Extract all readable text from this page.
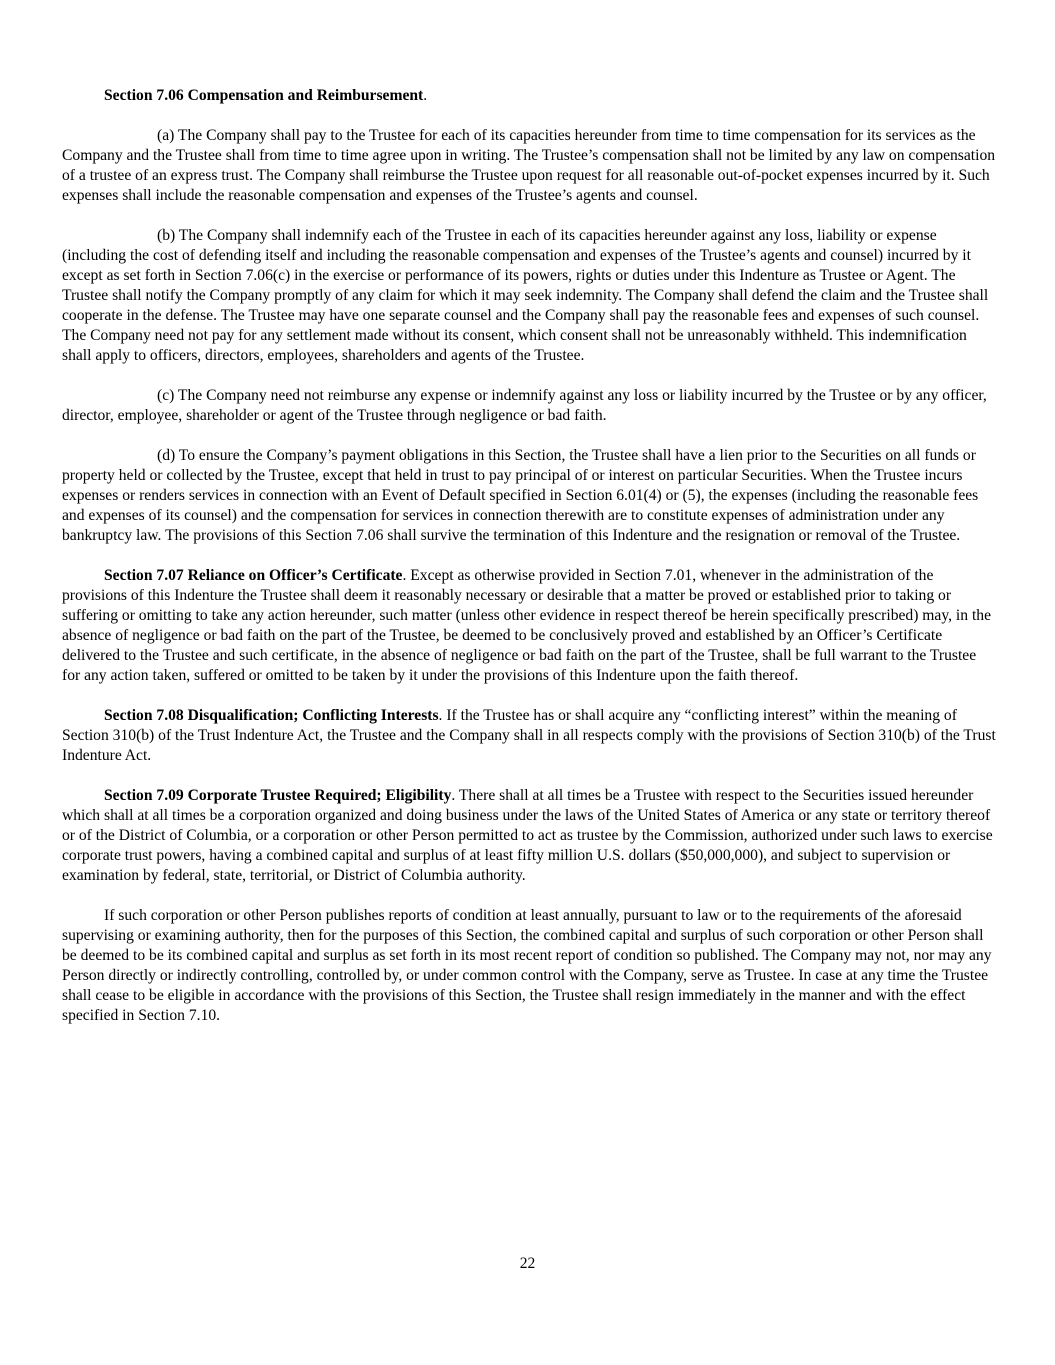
Section 7.06 Compensation and Reimbursement.

(a) The Company shall pay to the Trustee for each of its capacities hereunder from time to time compensation for its services as the Company and the Trustee shall from time to time agree upon in writing. The Trustee’s compensation shall not be limited by any law on compensation of a trustee of an express trust. The Company shall reimburse the Trustee upon request for all reasonable out-of-pocket expenses incurred by it. Such expenses shall include the reasonable compensation and expenses of the Trustee’s agents and counsel.

(b) The Company shall indemnify each of the Trustee in each of its capacities hereunder against any loss, liability or expense (including the cost of defending itself and including the reasonable compensation and expenses of the Trustee’s agents and counsel) incurred by it except as set forth in Section 7.06(c) in the exercise or performance of its powers, rights or duties under this Indenture as Trustee or Agent. The Trustee shall notify the Company promptly of any claim for which it may seek indemnity. The Company shall defend the claim and the Trustee shall cooperate in the defense. The Trustee may have one separate counsel and the Company shall pay the reasonable fees and expenses of such counsel. The Company need not pay for any settlement made without its consent, which consent shall not be unreasonably withheld. This indemnification shall apply to officers, directors, employees, shareholders and agents of the Trustee.

(c) The Company need not reimburse any expense or indemnify against any loss or liability incurred by the Trustee or by any officer, director, employee, shareholder or agent of the Trustee through negligence or bad faith.

(d) To ensure the Company’s payment obligations in this Section, the Trustee shall have a lien prior to the Securities on all funds or property held or collected by the Trustee, except that held in trust to pay principal of or interest on particular Securities. When the Trustee incurs expenses or renders services in connection with an Event of Default specified in Section 6.01(4) or (5), the expenses (including the reasonable fees and expenses of its counsel) and the compensation for services in connection therewith are to constitute expenses of administration under any bankruptcy law. The provisions of this Section 7.06 shall survive the termination of this Indenture and the resignation or removal of the Trustee.

Section 7.07 Reliance on Officer’s Certificate. Except as otherwise provided in Section 7.01, whenever in the administration of the provisions of this Indenture the Trustee shall deem it reasonably necessary or desirable that a matter be proved or established prior to taking or suffering or omitting to take any action hereunder, such matter (unless other evidence in respect thereof be herein specifically prescribed) may, in the absence of negligence or bad faith on the part of the Trustee, be deemed to be conclusively proved and established by an Officer’s Certificate delivered to the Trustee and such certificate, in the absence of negligence or bad faith on the part of the Trustee, shall be full warrant to the Trustee for any action taken, suffered or omitted to be taken by it under the provisions of this Indenture upon the faith thereof.

Section 7.08 Disqualification; Conflicting Interests. If the Trustee has or shall acquire any “conflicting interest” within the meaning of Section 310(b) of the Trust Indenture Act, the Trustee and the Company shall in all respects comply with the provisions of Section 310(b) of the Trust Indenture Act.

Section 7.09 Corporate Trustee Required; Eligibility. There shall at all times be a Trustee with respect to the Securities issued hereunder which shall at all times be a corporation organized and doing business under the laws of the United States of America or any state or territory thereof or of the District of Columbia, or a corporation or other Person permitted to act as trustee by the Commission, authorized under such laws to exercise corporate trust powers, having a combined capital and surplus of at least fifty million U.S. dollars ($50,000,000), and subject to supervision or examination by federal, state, territorial, or District of Columbia authority.

If such corporation or other Person publishes reports of condition at least annually, pursuant to law or to the requirements of the aforesaid supervising or examining authority, then for the purposes of this Section, the combined capital and surplus of such corporation or other Person shall be deemed to be its combined capital and surplus as set forth in its most recent report of condition so published. The Company may not, nor may any Person directly or indirectly controlling, controlled by, or under common control with the Company, serve as Trustee. In case at any time the Trustee shall cease to be eligible in accordance with the provisions of this Section, the Trustee shall resign immediately in the manner and with the effect specified in Section 7.10.

22
